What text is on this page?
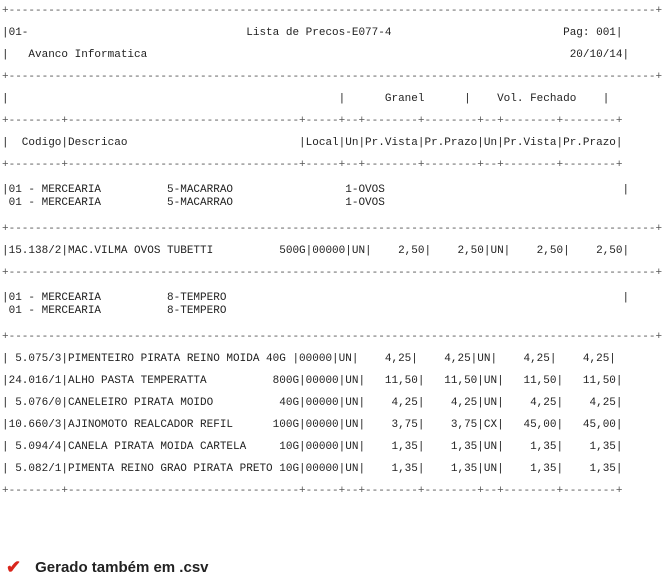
+--------------------------------------------------------------------------------------------------+
|01-                                 Lista de Precos-E077-4                          Pag: 001|
|   Avanco Informatica                                                                20/10/14|
+--------------------------------------------------------------------------------------------------+
|                                                  |      Granel      |    Vol. Fechado    |
+--------+-----------------------------------+-----+--+--------+--------+--+--------+--------+
|  Codigo|Descricao                          |Local|Un|Pr.Vista|Pr.Prazo|Un|Pr.Vista|Pr.Prazo|
+--------+-----------------------------------+-----+--+--------+--------+--+--------+--------+
|01 - MERCEARIA          5-MACARRAO                 1-OVOS                                    |
01 - MERCEARIA          5-MACARRAO                 1-OVOS
+--------------------------------------------------------------------------------------------------+
|15.138/2|MAC.VILMA OVOS TUBETTI          500G|00000|UN|    2,50|    2,50|UN|    2,50|    2,50|
+--------------------------------------------------------------------------------------------------+
|01 - MERCEARIA          8-TEMPERO                                                            |
01 - MERCEARIA          8-TEMPERO
+--------------------------------------------------------------------------------------------------+
| 5.075/3|PIMENTEIRO PIRATA REINO MOIDA 40G |00000|UN|    4,25|    4,25|UN|    4,25|    4,25|
|24.016/1|ALHO PASTA TEMPERATTA          800G|00000|UN|   11,50|   11,50|UN|   11,50|   11,50|
| 5.076/0|CANELEIRO PIRATA MOIDO          40G|00000|UN|    4,25|    4,25|UN|    4,25|    4,25|
|10.660/3|AJINOMOTO REALCADOR REFIL      100G|00000|UN|    3,75|    3,75|CX|   45,00|   45,00|
| 5.094/4|CANELA PIRATA MOIDA CARTELA     10G|00000|UN|    1,35|    1,35|UN|    1,35|    1,35|
| 5.082/1|PIMENTA REINO GRAO PIRATA PRETO 10G|00000|UN|    1,35|    1,35|UN|    1,35|    1,35|
+--------+-----------------------------------+-----+--+--------+--------+--+--------+--------+
✔ Gerado também em .csv
